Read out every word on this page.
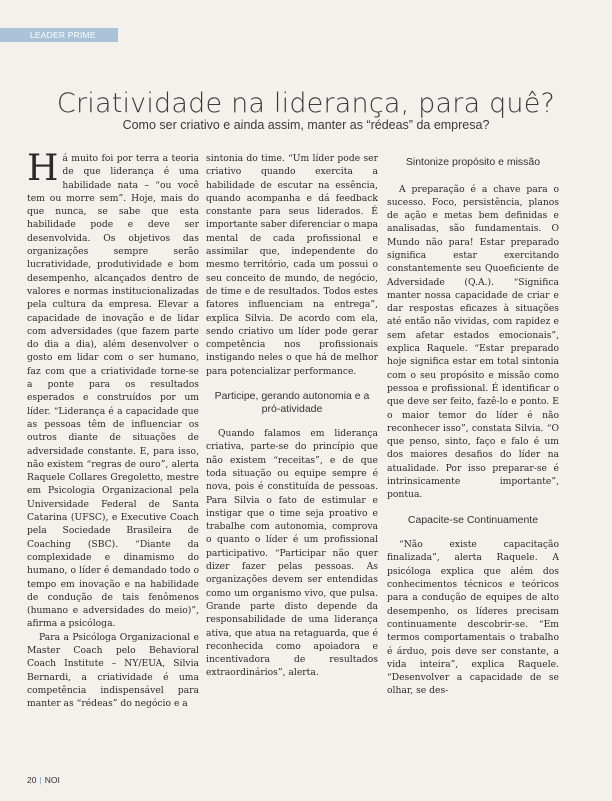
LEADER PRIME
Criatividade na liderança, para quê?
Como ser criativo e ainda assim, manter as “rédeas” da empresa?

Há muito foi por terra a teoria de que liderança é uma habilidade nata – “ou você tem ou morre sem”. Hoje, mais do que nunca, se sabe que esta habilidade pode e deve ser desenvolvida. Os objetivos das organizações sempre serão lucratividade, produtividade e bom desempenho, alcançados dentro de valores e normas institucionalizadas pela cultura da empresa. Elevar a capacidade de inovação e de lidar com adversidades (que fazem parte do dia a dia), além desenvolver o gosto em lidar com o ser humano, faz com que a criatividade torne-se a ponte para os resultados esperados e construídos por um líder. “Liderança é a capacidade que as pessoas têm de influenciar os outros diante de situações de adversidade constante. E, para isso, não existem “regras de ouro”, alerta Raquele Collares Gregoletto, mestre em Psicologia Organizacional pela Universidade Federal de Santa Catarina (UFSC), e Executive Coach pela Sociedade Brasileira de Coaching (SBC). “Diante da complexidade e dinamismo do humano, o líder é demandado todo o tempo em inovação e na habilidade de condução de tais fenômenos (humano e adversidades do meio)”, afirma a psicóloga.

Para a Psicóloga Organizacional e Master Coach pelo Behavioral Coach Institute – NY/EUA, Silvia Bernardi, a criatividade é uma competência indispensável para manter as “rédeas” do negócio e a

sintonia do time. “Um líder pode ser criativo quando exercita a habilidade de escutar na essência, quando acompanha e dá feedback constante para seus liderados. É importante saber diferenciar o mapa mental de cada profissional e assimilar que, independente do mesmo território, cada um possui o seu conceito de mundo, de negócio, de time e de resultados. Todos estes fatores influenciam na entrega”, explica Silvia. De acordo com ela, sendo criativo um líder pode gerar competência nos profissionais instigando neles o que há de melhor para potencializar performance.

Participe, gerando autonomia e a pró-atividade

Quando falamos em liderança criativa, parte-se do princípio que não existem “receitas”, e de que toda situação ou equipe sempre é nova, pois é constituída de pessoas. Para Silvia o fato de estimular e instigar que o time seja proativo e trabalhe com autonomia, comprova o quanto o líder é um profissional participativo. “Participar não quer dizer fazer pelas pessoas. As organizações devem ser entendidas como um organismo vivo, que pulsa. Grande parte disto depende da responsabilidade de uma liderança ativa, que atua na retaguarda, que é reconhecida como apoiadora e incentivadora de resultados extraordinários”, alerta.

Sintonize propósito e missão

A preparação é a chave para o sucesso. Foco, persistência, planos de ação e metas bem definidas e analisadas, são fundamentais. O Mundo não para! Estar preparado significa estar exercitando constantemente seu Quoeficiente de Adversidade (Q.A.). “Significa manter nossa capacidade de criar e dar respostas eficazes à situações até então não vividas, com rapidez e sem afetar estados emocionais”, explica Raquele. “Estar preparado hoje significa estar em total sintonia com o seu propósito e missão como pessoa e profissional. É identificar o que deve ser feito, fazê-lo e ponto. E o maior temor do líder é não reconhecer isso”, constata Silvia. “O que penso, sinto, faço e falo é um dos maiores desafios do líder na atualidade. Por isso preparar-se é intrinsicamente importante”, pontua.

Capacite-se Continuamente

“Não existe capacitação finalizada”, alerta Raquele. A psicóloga explica que além dos conhecimentos técnicos e teóricos para a condução de equipes de alto desempenho, os líderes precisam continuamente descobrir-se. “Em termos comportamentais o trabalho é árduo, pois deve ser constante, a vida inteira”, explica Raquele. “Desenvolver a capacidade de se olhar, se des-

20 | NOI
